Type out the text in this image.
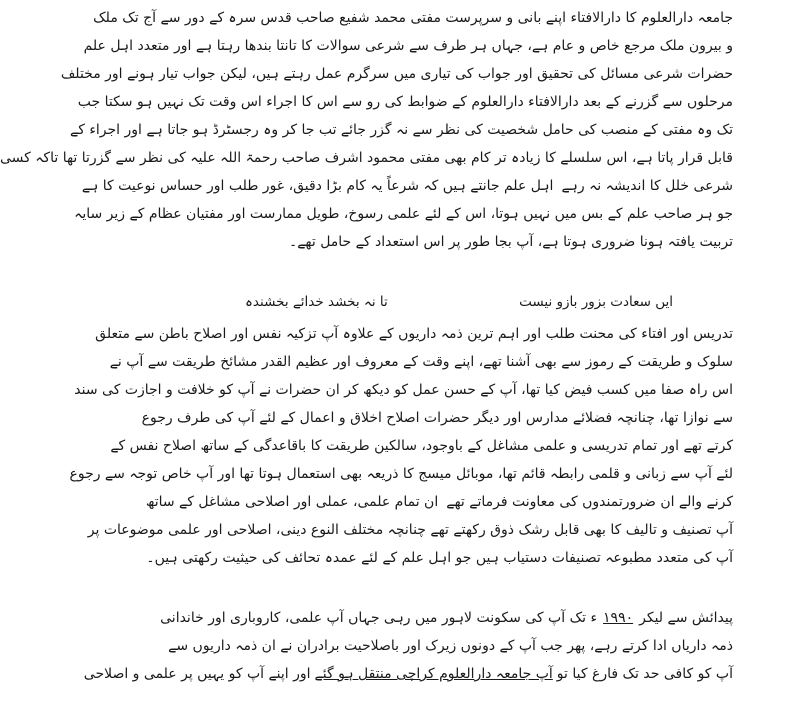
جامعہ دارالعلوم کا دارالافتاء اپنے بانی و سرپرست مفتی محمد شفیع صاحب قدس سرہ کے دور سے آج تک ملک
و بیرون ملک مرجع خاص و عام ہے، جہاں ہر طرف سے شرعی سوالات کا تانتا بندھا رہتا ہے اور متعدد اہل علم
حضرات شرعی مسائل کی تحقیق اور جواب کی تیاری میں سرگرم عمل رہتے ہیں، لیکن جواب تیار ہونے اور مختلف
مرحلوں سے گزرنے کے بعد دارالافتاء دارالعلوم کے ضوابط کی رو سے اس کا اجراء اس وقت تک نہیں ہو سکتا جب
تک وہ مفتی کے منصب کی حامل شخصیت کی نظر سے نہ گزر جائے تب جا کر وہ رجسٹرڈ ہو جاتا ہے اور اجراء کے
قابل قرار پاتا ہے، اس سلسلے کا زیادہ تر کام بھی مفتی محمود اشرف صاحب رحمۃ اللہ علیہ کی نظر سے گزرتا تھا تاکہ کسی
شرعی خلل کا اندیشہ نہ رہے
اہل علم جانتے ہیں کہ شرعاً یہ کام بڑا دقیق، غور طلب اور حساس نوعیت کا ہے
جو ہر صاحب علم کے بس میں نہیں ہوتا، اس کے لئے علمی رسوخ، طویل ممارست اور مفتیان عظام کے زیر سایہ
تربیت یافتہ ہونا ضروری ہوتا ہے، آپ بجا طور پر اس استعداد کے حامل تھے۔
ایں سعادت بزور بازو نیست
تا نہ بخشد خدائے بخشندہ
تدریس اور افتاء کی محنت طلب اور اہم ترین ذمہ داریوں کے علاوہ آپ تزکیہ نفس اور اصلاح باطن سے متعلق
سلوک و طریقت کے رموز سے بھی آشنا تھے، اپنے وقت کے معروف اور عظیم القدر مشائخ طریقت سے آپ نے
اس راہ صفا میں کسب فیض کیا تھا، آپ کے حسن عمل کو دیکھ کر ان حضرات نے آپ کو خلافت و اجازت کی سند
سے نوازا تھا، چنانچہ فضلائے مدارس اور دیگر حضرات اصلاح اخلاق و اعمال کے لئے آپ کی طرف رجوع
کرتے تھے اور تمام تدریسی و علمی مشاغل کے باوجود، سالکین طریقت کا باقاعدگی کے ساتھ اصلاح نفس کے
لئے آپ سے زبانی و قلمی رابطہ قائم تھا، موبائل میسج کا ذریعہ بھی استعمال ہوتا تھا اور آپ خاص توجہ سے رجوع
کرنے والے ان ضرورتمندوں کی معاونت فرماتے تھے
ان تمام علمی، عملی اور اصلاحی مشاغل کے ساتھ
آپ تصنیف و تالیف کا بھی قابل رشک ذوق رکھتے تھے چنانچہ مختلف النوع دینی، اصلاحی اور علمی موضوعات پر
آپ کی متعدد مطبوعہ تصنیفات دستیاب ہیں جو اہل علم کے لئے عمدہ تحائف کی حیثیت رکھتی ہیں۔
پیدائش سے لیکر
۱۹۹۰
ء تک آپ کی سکونت لاہور میں رہی جہاں آپ علمی، کاروباری اور خاندانی
ذمہ داریاں ادا کرتے رہے، پھر جب آپ کے دونوں زیرک اور باصلاحیت برادران نے ان ذمہ داریوں سے
آپ کو کافی حد تک فارغ کیا تو
آپ جامعہ دارالعلوم کراچی منتقل ہو گئے
اور اپنے آپ کو یہیں پر علمی و اصلاحی
